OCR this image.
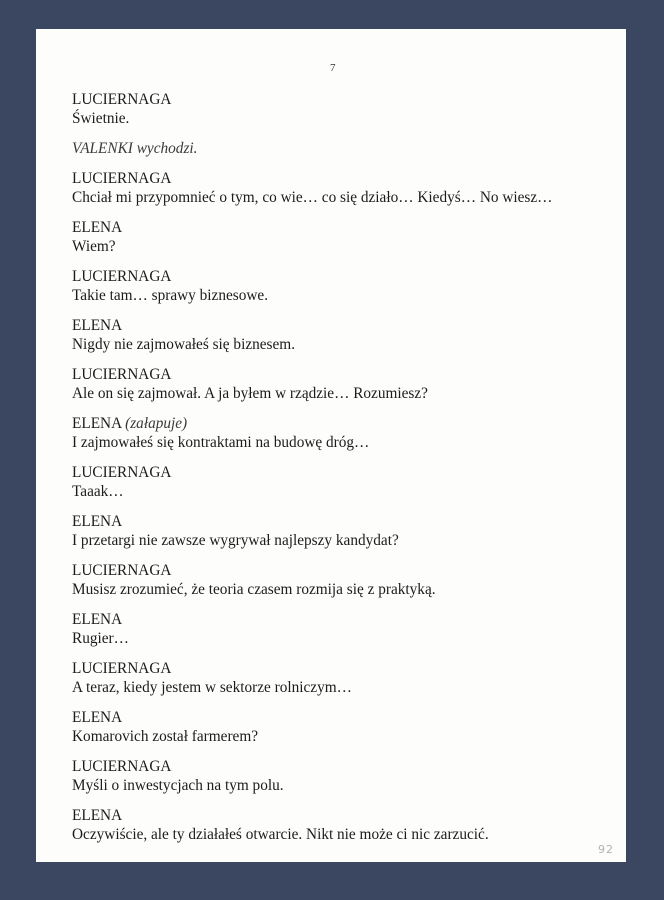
7
LUCIERNAGA
Świetnie.
VALENKI wychodzi.
LUCIERNAGA
Chciał mi przypomnieć o tym, co wie… co się działo… Kiedyś… No wiesz…
ELENA
Wiem?
LUCIERNAGA
Takie tam… sprawy biznesowe.
ELENA
Nigdy nie zajmowałeś się biznesem.
LUCIERNAGA
Ale on się zajmował. A ja byłem w rządzie… Rozumiesz?
ELENA (załapuje)
I zajmowałeś się kontraktami na budowę dróg…
LUCIERNAGA
Taaak…
ELENA
I przetargi nie zawsze wygrywał najlepszy kandydat?
LUCIERNAGA
Musisz zrozumieć, że teoria czasem rozmija się z praktyką.
ELENA
Rugier…
LUCIERNAGA
A teraz, kiedy jestem w sektorze rolniczym…
ELENA
Komarovich został farmerem?
LUCIERNAGA
Myśli o inwestycjach na tym polu.
ELENA
Oczywiście, ale ty działałeś otwarcie. Nikt nie może ci nic zarzucić.
92
